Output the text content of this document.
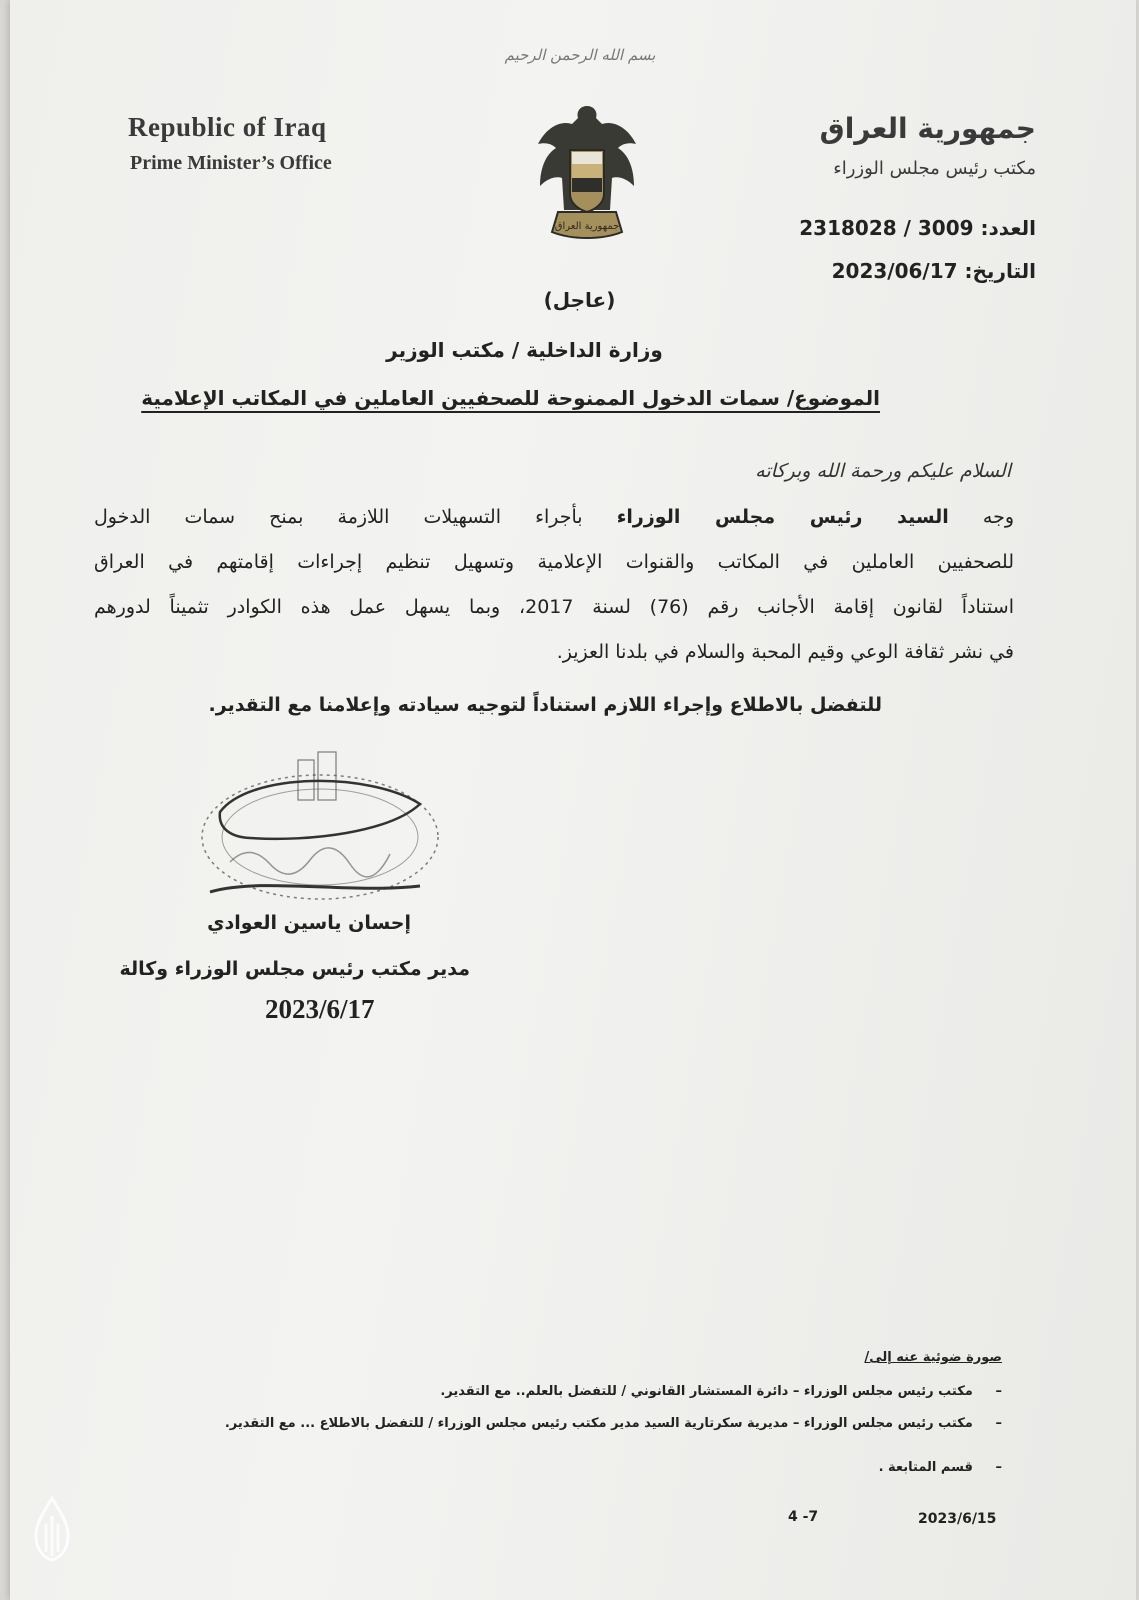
بسم الله الرحمن الرحيم

Republic of Iraq

Prime Minister’s Office

جمهورية العراق

جمهورية العراق

مكتب رئيس مجلس الوزراء

العدد: 2318028 / 3009

التاريخ: 2023/06/17

(عاجل)

وزارة الداخلية / مكتب الوزير

الموضوع/ سمات الدخول الممنوحة للصحفيين العاملين في المكاتب الإعلامية

السلام عليكم ورحمة الله وبركاته

وجه السيد رئيس مجلس الوزراء بأجراء التسهيلات اللازمة بمنح سمات الدخول

للصحفيين العاملين في المكاتب والقنوات الإعلامية وتسهيل تنظيم إجراءات إقامتهم في العراق

استناداً لقانون إقامة الأجانب رقم (76) لسنة 2017، وبما يسهل عمل هذه الكوادر تثميناً لدورهم

في نشر ثقافة الوعي وقيم المحبة والسلام في بلدنا العزيز.

للتفضل بالاطلاع وإجراء اللازم استناداً لتوجيه سيادته وإعلامنا مع التقدير.

إحسان ياسين العوادي

مدير مكتب رئيس مجلس الوزراء وكالة

2023/6/17

صورة ضوئية عنه إلى/

–     مكتب رئيس مجلس الوزراء – دائرة المستشار القانوني / للتفضل بالعلم.. مع التقدير.

–     مكتب رئيس مجلس الوزراء – مديرية سكرتارية السيد مدير مكتب رئيس مجلس الوزراء / للتفضل بالاطلاع ... مع التقدير.

–     قسم المتابعة .

4 -7	2023/6/15
